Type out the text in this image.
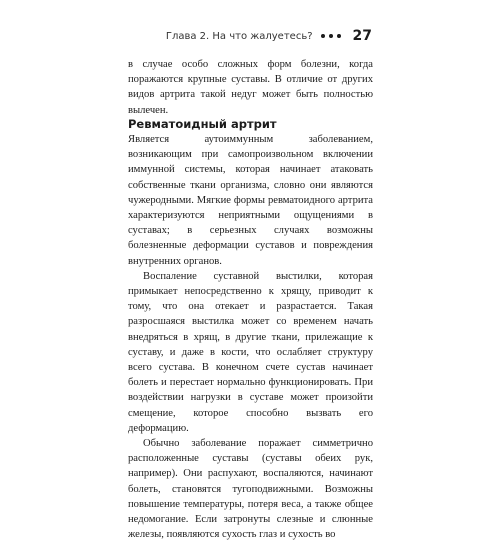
Глава 2. На что жалуетесь?	27

в случае особо сложных форм болезни, когда поражаются крупные суставы. В отличие от других видов артрита такой недуг может быть полностью вылечен.

Ревматоидный артрит

Является аутоиммунным заболеванием, возникающим при самопроизвольном включении иммунной системы, которая начинает атаковать собственные ткани организма, словно они являются чужеродными. Мягкие формы ревматоидного артрита характеризуются неприятными ощущениями в суставах; в серьезных случаях возможны болезненные деформации суставов и повреждения внутренних органов.

Воспаление суставной выстилки, которая примыкает непосредственно к хрящу, приводит к тому, что она отекает и разрастается. Такая разросшаяся выстилка может со временем начать внедряться в хрящ, в другие ткани, прилежащие к суставу, и даже в кости, что ослабляет структуру всего сустава. В конечном счете сустав начинает болеть и перестает нормально функционировать. При воздействии нагрузки в суставе может произойти смещение, которое способно вызвать его деформацию.

Обычно заболевание поражает симметрично расположенные суставы (суставы обеих рук, например). Они распухают, воспаляются, начинают болеть, становятся тугоподвижными. Возможны повышение температуры, потеря веса, а также общее недомогание. Если затронуты слезные и слюнные железы, появляются сухость глаз и сухость во
